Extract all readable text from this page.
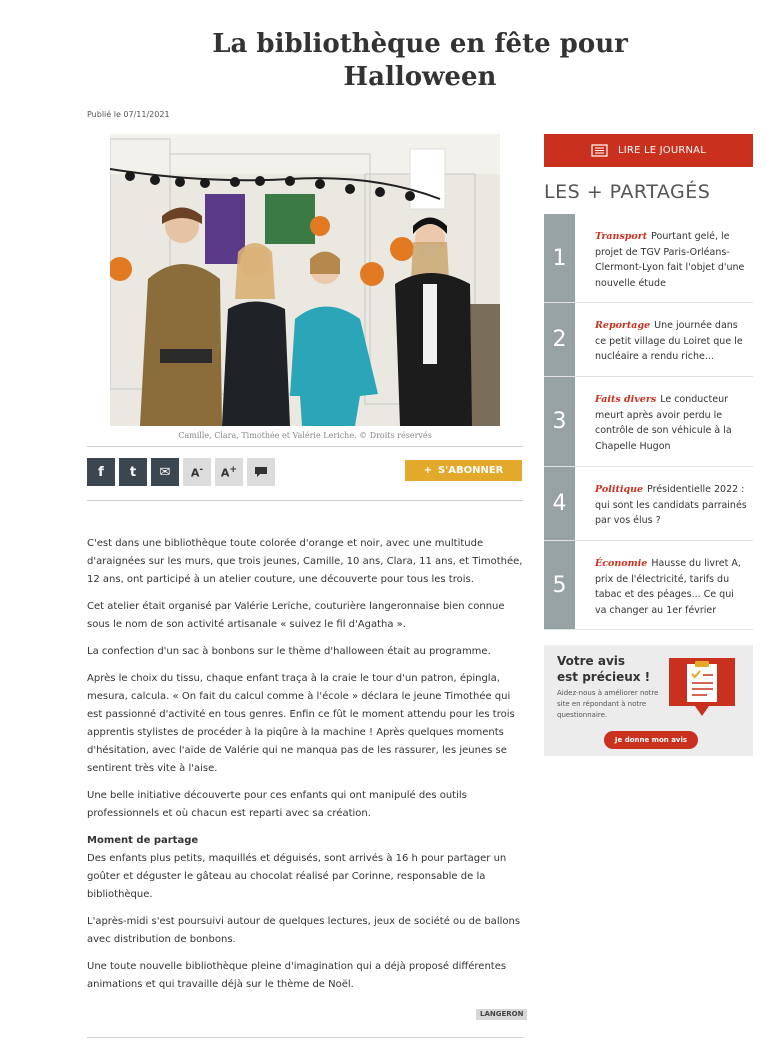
La bibliothèque en fête pour Halloween
Publié le 07/11/2021
Camille, Clara, Timothée et Valérie Leriche. © Droits réservés
f t ✉ A- A+	+ S'ABONNER

C'est dans une bibliothèque toute colorée d'orange et noir, avec une multitude d'araignées sur les murs, que trois jeunes, Camille, 10 ans, Clara, 11 ans, et Timothée, 12 ans, ont participé à un atelier couture, une découverte pour tous les trois.

Cet atelier était organisé par Valérie Leriche, couturière langeronnaise bien connue sous le nom de son activité artisanale « suivez le fil d'Agatha ».

La confection d'un sac à bonbons sur le thème d'halloween était au programme.

Après le choix du tissu, chaque enfant traça à la craie le tour d'un patron, épingla, mesura, calcula. « On fait du calcul comme à l'école » déclara le jeune Timothée qui est passionné d'activité en tous genres. Enfin ce fût le moment attendu pour les trois apprentis stylistes de procéder à la piqûre à la machine ! Après quelques moments d'hésitation, avec l'aide de Valérie qui ne manqua pas de les rassurer, les jeunes se sentirent très vite à l'aise.

Une belle initiative découverte pour ces enfants qui ont manipulé des outils professionnels et où chacun est reparti avec sa création.

Moment de partage

Des enfants plus petits, maquillés et déguisés, sont arrivés à 16 h pour partager un goûter et déguster le gâteau au chocolat réalisé par Corinne, responsable de la bibliothèque.

L'après-midi s'est poursuivi autour de quelques lectures, jeux de société ou de ballons avec distribution de bonbons.

Une toute nouvelle bibliothèque pleine d'imagination qui a déjà proposé différentes animations et qui travaille déjà sur le thème de Noël.

LANGERON
LIRE LE JOURNAL
LES + PARTAGÉS
1
Transport Pourtant gelé, le projet de TGV Paris-Orléans-Clermont-Lyon fait l'objet d'une nouvelle étude
2
Reportage Une journée dans ce petit village du Loiret que le nucléaire a rendu riche...
3
Faits divers Le conducteur meurt après avoir perdu le contrôle de son véhicule à la Chapelle Hugon
4
Politique Présidentielle 2022 : qui sont les candidats parrainés par vos élus ?
5
Économie Hausse du livret A, prix de l'électricité, tarifs du tabac et des péages... Ce qui va changer au 1er février
Votre avis
est précieux !
Aidez-nous à améliorer notre site en répondant à notre questionnaire.
Je donne mon avis
